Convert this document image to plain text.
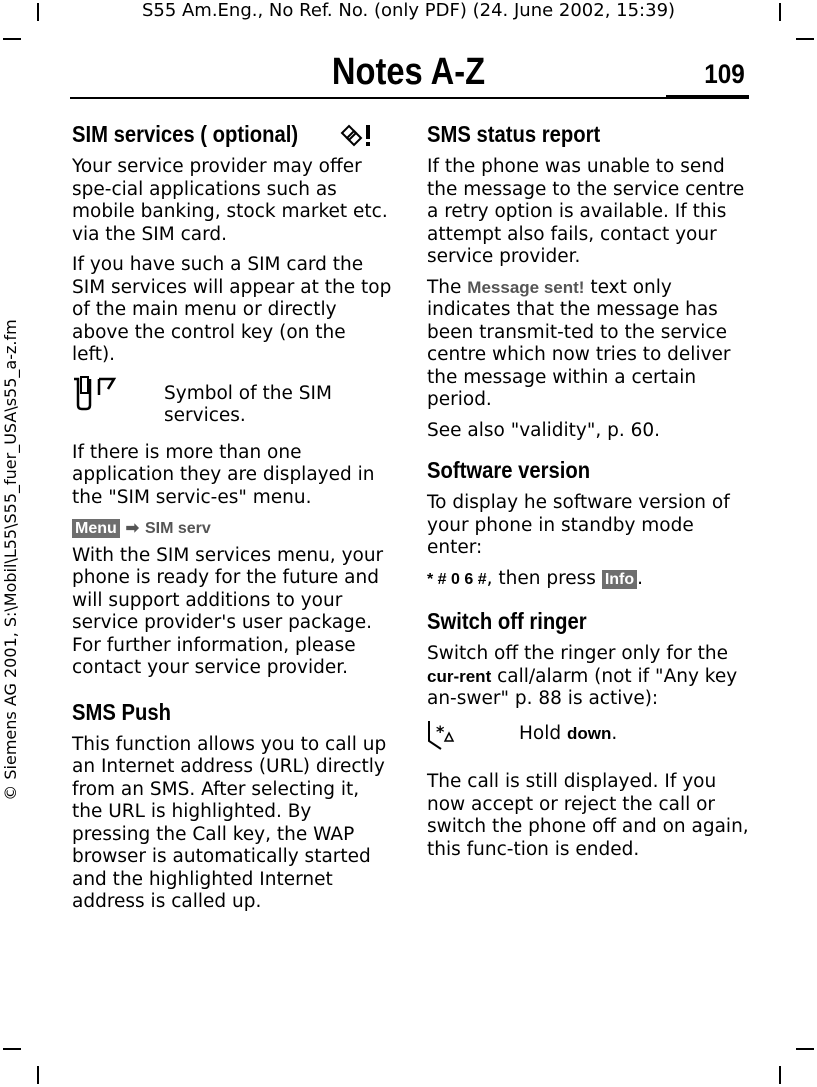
S55 Am.Eng., No Ref. No. (only PDF) (24. June 2002, 15:39)
Notes A-Z	109
© Siemens AG 2001, S:\Mobil\L55\S55_fuer_USA\s55_a-z.fm
SIM services ( optional)

Your service provider may offer spe-cial applications such as mobile banking, stock market etc. via the SIM card.

If you have such a SIM card the SIM services will appear at the top of the main menu or directly above the control key (on the left).

Symbol of the SIM services.

If there is more than one application they are displayed in the "SIM servic-es" menu.

Menu ➡ SIM serv

With the SIM services menu, your phone is ready for the future and will support additions to your service provider's user package. For further information, please contact your service provider.

SMS Push

This function allows you to call up an Internet address (URL) directly from an SMS. After selecting it, the URL is highlighted. By pressing the Call key, the WAP browser is automatically started and the highlighted Internet address is called up.

SMS status report

If the phone was unable to send the message to the service centre a retry option is available. If this attempt also fails, contact your service provider.

The Message sent! text only indicates that the message has been transmit-ted to the service centre which now tries to deliver the message within a certain period.

See also "validity", p. 60.

Software version

To display he software version of your phone in standby mode enter:

* # 0 6 #, then press Info .

Switch off ringer

Switch off the ringer only for the cur-rent call/alarm (not if "Any key an-swer" p. 88 is active):

*	Hold down.

The call is still displayed. If you now accept or reject the call or switch the phone off and on again, this func-tion is ended.
